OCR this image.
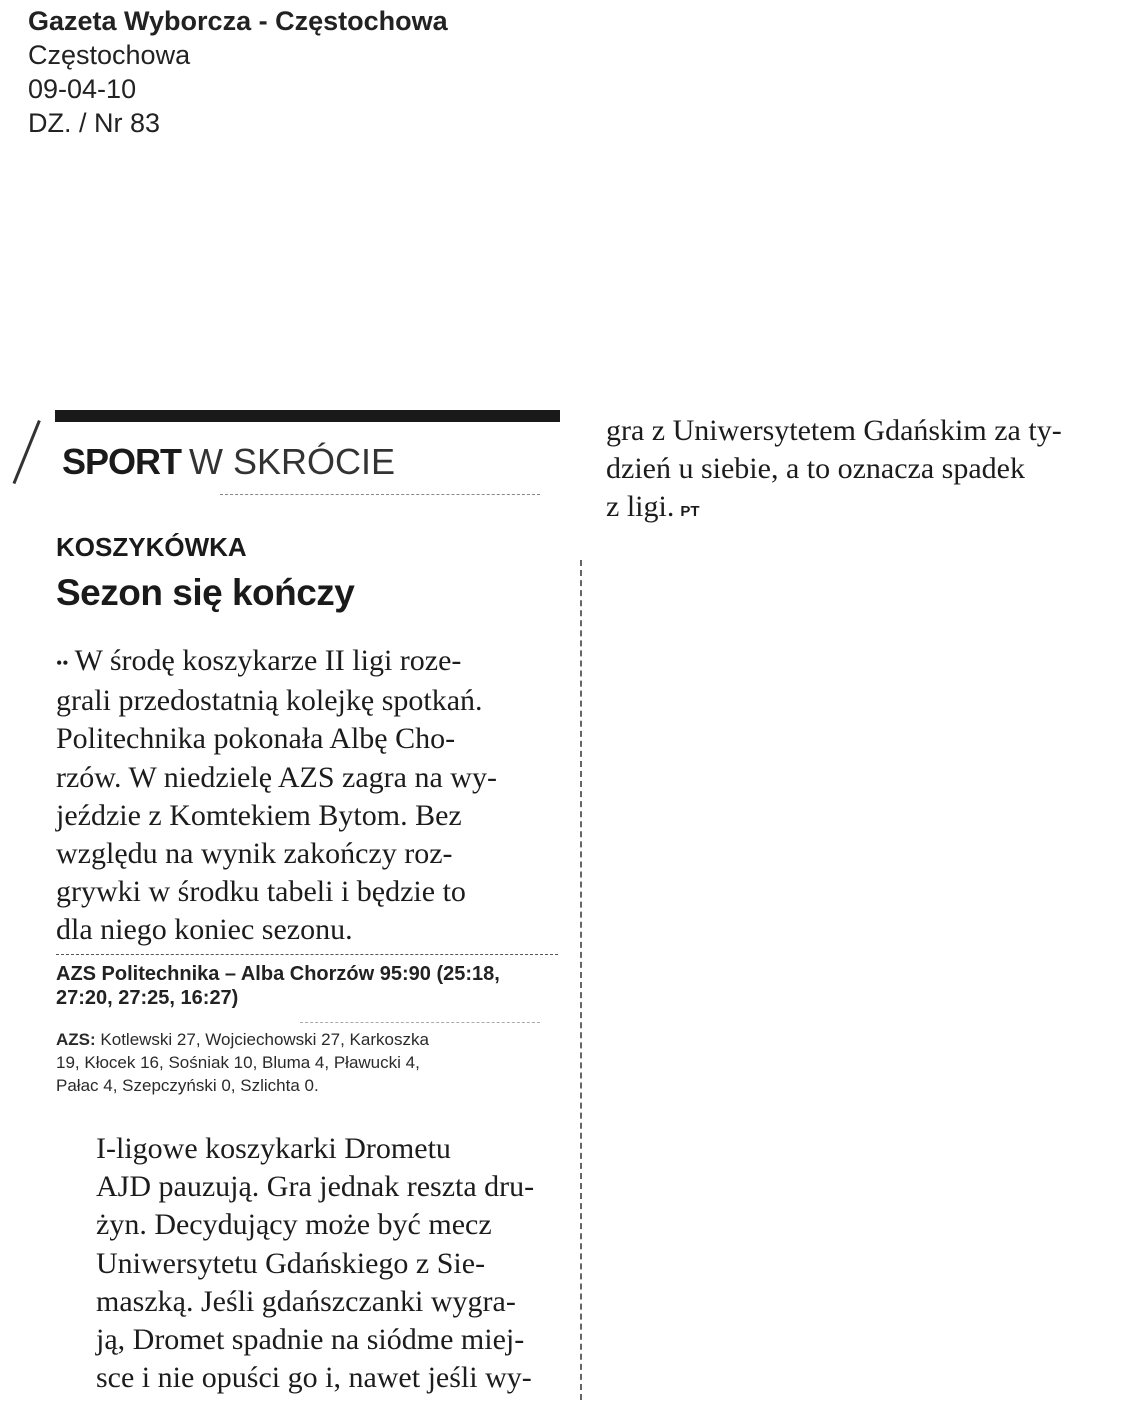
Gazeta Wyborcza - Częstochowa
Częstochowa
09-04-10
DZ. / Nr 83
SPORT W SKRÓCIE
KOSZYKÓWKA
Sezon się kończy
•• W środę koszykarze II ligi roze-
grali przedostatnią kolejkę spotkań.
Politechnika pokonała Albę Cho-
rzów. W niedzielę AZS zagra na wy-
jeździe z Komtekiem Bytom. Bez
względu na wynik zakończy roz-
grywki w środku tabeli i będzie to
dla niego koniec sezonu.
AZS Politechnika – Alba Chorzów 95:90 (25:18,
27:20, 27:25, 16:27)
AZS: Kotlewski 27, Wojciechowski 27, Karkoszka
19, Kłocek 16, Sośniak 10, Bluma 4, Pławucki 4,
Pałac 4, Szepczyński 0, Szlichta 0.
I-ligowe koszykarki Drometu
AJD pauzują. Gra jednak reszta dru-
żyn. Decydujący może być mecz
Uniwersytetu Gdańskiego z Sie-
maszką. Jeśli gdańszczanki wygra-
ją, Dromet spadnie na siódme miej-
sce i nie opuści go i, nawet jeśli wy-
gra z Uniwersytetem Gdańskim za ty-
dzień u siebie, a to oznacza spadek
z ligi. PT
